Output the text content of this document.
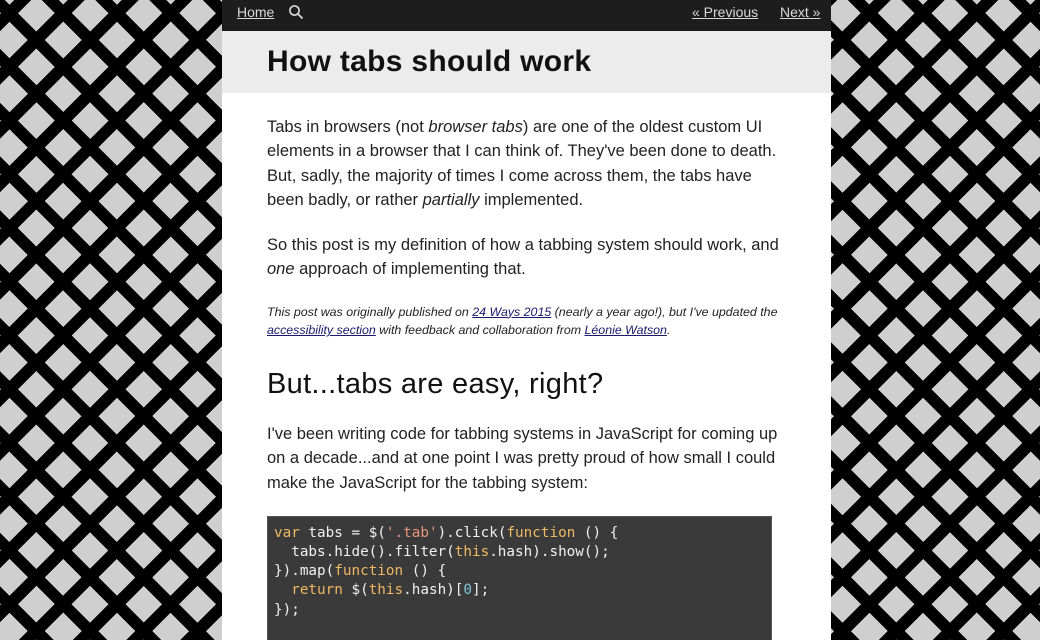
Home	« Previous Next »
How tabs should work

Tabs in browsers (not browser tabs) are one of the oldest custom UI elements in a browser that I can think of. They've been done to death. But, sadly, the majority of times I come across them, the tabs have been badly, or rather partially implemented.

So this post is my definition of how a tabbing system should work, and one approach of implementing that.

This post was originally published on 24 Ways 2015 (nearly a year ago!), but I've updated the accessibility section with feedback and collaboration from Léonie Watson.

But...tabs are easy, right?

I've been writing code for tabbing systems in JavaScript for coming up on a decade...and at one point I was pretty proud of how small I could make the JavaScript for the tabbing system:

var tabs = $('.tab').click(function () {
tabs.hide().filter(this.hash).show();
}).map(function () {
return $(this.hash)[0];
});
